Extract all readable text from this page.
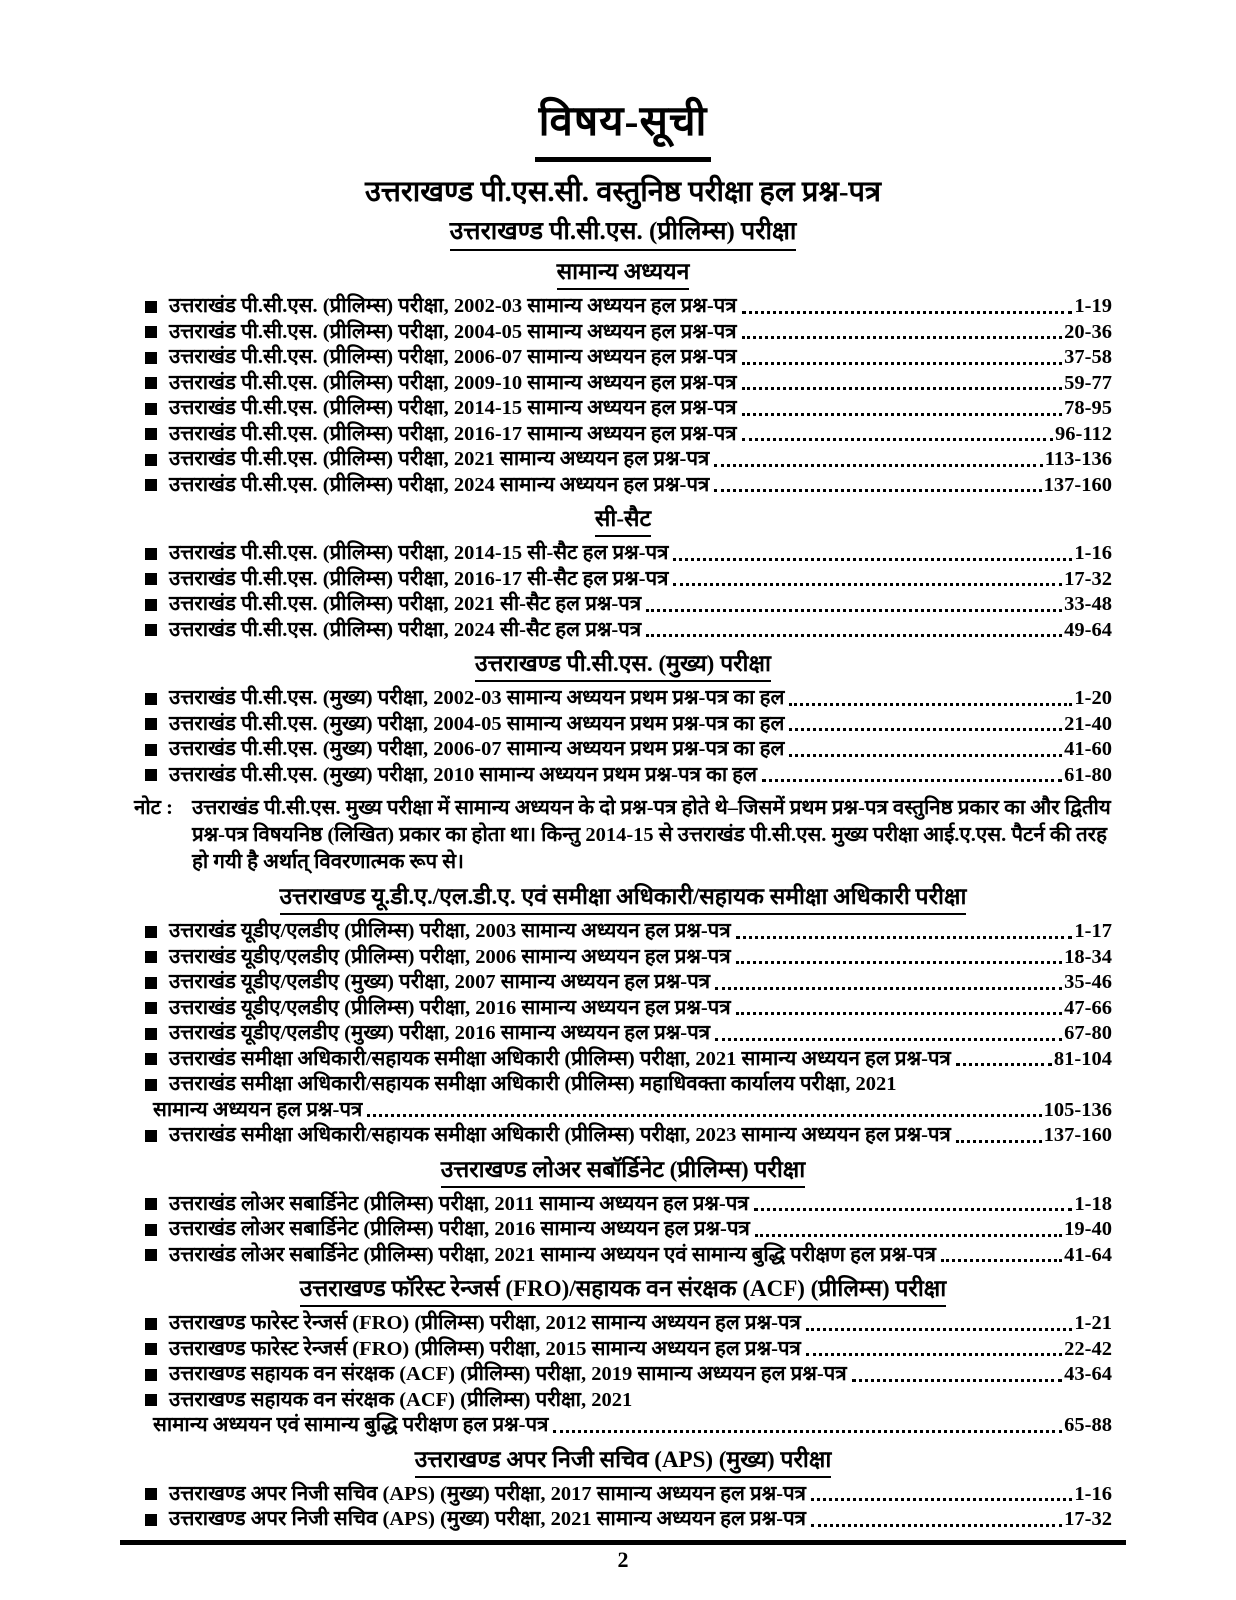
विषय-सूची
उत्तराखण्ड पी.एस.सी. वस्तुनिष्ठ परीक्षा हल प्रश्न-पत्र
उत्तराखण्ड पी.सी.एस. (प्रीलिम्स) परीक्षा
सामान्य अध्ययन
उत्तराखंड पी.सी.एस. (प्रीलिम्स) परीक्षा, 2002-03 सामान्य अध्ययन हल प्रश्न-पत्र	1-19
उत्तराखंड पी.सी.एस. (प्रीलिम्स) परीक्षा, 2004-05 सामान्य अध्ययन हल प्रश्न-पत्र	20-36
उत्तराखंड पी.सी.एस. (प्रीलिम्स) परीक्षा, 2006-07 सामान्य अध्ययन हल प्रश्न-पत्र	37-58
उत्तराखंड पी.सी.एस. (प्रीलिम्स) परीक्षा, 2009-10 सामान्य अध्ययन हल प्रश्न-पत्र	59-77
उत्तराखंड पी.सी.एस. (प्रीलिम्स) परीक्षा, 2014-15 सामान्य अध्ययन हल प्रश्न-पत्र	78-95
उत्तराखंड पी.सी.एस. (प्रीलिम्स) परीक्षा, 2016-17 सामान्य अध्ययन हल प्रश्न-पत्र	96-112
उत्तराखंड पी.सी.एस. (प्रीलिम्स) परीक्षा, 2021 सामान्य अध्ययन हल प्रश्न-पत्र	113-136
उत्तराखंड पी.सी.एस. (प्रीलिम्स) परीक्षा, 2024 सामान्य अध्ययन हल प्रश्न-पत्र	137-160
सी-सैट
उत्तराखंड पी.सी.एस. (प्रीलिम्स) परीक्षा, 2014-15 सी-सैट हल प्रश्न-पत्र	1-16
उत्तराखंड पी.सी.एस. (प्रीलिम्स) परीक्षा, 2016-17 सी-सैट हल प्रश्न-पत्र	17-32
उत्तराखंड पी.सी.एस. (प्रीलिम्स) परीक्षा, 2021 सी-सैट हल प्रश्न-पत्र	33-48
उत्तराखंड पी.सी.एस. (प्रीलिम्स) परीक्षा, 2024 सी-सैट हल प्रश्न-पत्र	49-64
उत्तराखण्ड पी.सी.एस. (मुख्य) परीक्षा
उत्तराखंड पी.सी.एस. (मुख्य) परीक्षा, 2002-03 सामान्य अध्ययन प्रथम प्रश्न-पत्र का हल	1-20
उत्तराखंड पी.सी.एस. (मुख्य) परीक्षा, 2004-05 सामान्य अध्ययन प्रथम प्रश्न-पत्र का हल	21-40
उत्तराखंड पी.सी.एस. (मुख्य) परीक्षा, 2006-07 सामान्य अध्ययन प्रथम प्रश्न-पत्र का हल	41-60
उत्तराखंड पी.सी.एस. (मुख्य) परीक्षा, 2010 सामान्य अध्ययन प्रथम प्रश्न-पत्र का हल	61-80
नोट : उत्तराखंड पी.सी.एस. मुख्य परीक्षा में सामान्य अध्ययन के दो प्रश्न-पत्र होते थे–जिसमें प्रथम प्रश्न-पत्र वस्तुनिष्ठ प्रकार का और द्वितीय प्रश्न-पत्र विषयनिष्ठ (लिखित) प्रकार का होता था। किन्तु 2014-15 से उत्तराखंड पी.सी.एस. मुख्य परीक्षा आई.ए.एस. पैटर्न की तरह हो गयी है अर्थात् विवरणात्मक रूप से।
उत्तराखण्ड यू.डी.ए./एल.डी.ए. एवं समीक्षा अधिकारी/सहायक समीक्षा अधिकारी परीक्षा
उत्तराखंड यूडीए/एलडीए (प्रीलिम्स) परीक्षा, 2003 सामान्य अध्ययन हल प्रश्न-पत्र	1-17
उत्तराखंड यूडीए/एलडीए (प्रीलिम्स) परीक्षा, 2006 सामान्य अध्ययन हल प्रश्न-पत्र	18-34
उत्तराखंड यूडीए/एलडीए (मुख्य) परीक्षा, 2007 सामान्य अध्ययन हल प्रश्न-पत्र	35-46
उत्तराखंड यूडीए/एलडीए (प्रीलिम्स) परीक्षा, 2016 सामान्य अध्ययन हल प्रश्न-पत्र	47-66
उत्तराखंड यूडीए/एलडीए (मुख्य) परीक्षा, 2016 सामान्य अध्ययन हल प्रश्न-पत्र	67-80
उत्तराखंड समीक्षा अधिकारी/सहायक समीक्षा अधिकारी (प्रीलिम्स) परीक्षा, 2021 सामान्य अध्ययन हल प्रश्न-पत्र	81-104
उत्तराखंड समीक्षा अधिकारी/सहायक समीक्षा अधिकारी (प्रीलिम्स) महाधिवक्ता कार्यालय परीक्षा, 2021
सामान्य अध्ययन हल प्रश्न-पत्र	105-136
उत्तराखंड समीक्षा अधिकारी/सहायक समीक्षा अधिकारी (प्रीलिम्स) परीक्षा, 2023 सामान्य अध्ययन हल प्रश्न-पत्र	137-160
उत्तराखण्ड लोअर सबॉर्डिनेट (प्रीलिम्स) परीक्षा
उत्तराखंड लोअर सबार्डिनेट (प्रीलिम्स) परीक्षा, 2011 सामान्य अध्ययन हल प्रश्न-पत्र	1-18
उत्तराखंड लोअर सबार्डिनेट (प्रीलिम्स) परीक्षा, 2016 सामान्य अध्ययन हल प्रश्न-पत्र	19-40
उत्तराखंड लोअर सबार्डिनेट (प्रीलिम्स) परीक्षा, 2021 सामान्य अध्ययन एवं सामान्य बुद्धि परीक्षण हल प्रश्न-पत्र	41-64
उत्तराखण्ड फॉरेस्ट रेन्जर्स (FRO)/सहायक वन संरक्षक (ACF) (प्रीलिम्स) परीक्षा
उत्तराखण्ड फारेस्ट रेन्जर्स (FRO) (प्रीलिम्स) परीक्षा, 2012 सामान्य अध्ययन हल प्रश्न-पत्र	1-21
उत्तराखण्ड फारेस्ट रेन्जर्स (FRO) (प्रीलिम्स) परीक्षा, 2015 सामान्य अध्ययन हल प्रश्न-पत्र	22-42
उत्तराखण्ड सहायक वन संरक्षक (ACF) (प्रीलिम्स) परीक्षा, 2019 सामान्य अध्ययन हल प्रश्न-पत्र	43-64
उत्तराखण्ड सहायक वन संरक्षक (ACF) (प्रीलिम्स) परीक्षा, 2021
सामान्य अध्ययन एवं सामान्य बुद्धि परीक्षण हल प्रश्न-पत्र	65-88
उत्तराखण्ड अपर निजी सचिव (APS) (मुख्य) परीक्षा
उत्तराखण्ड अपर निजी सचिव (APS) (मुख्य) परीक्षा, 2017 सामान्य अध्ययन हल प्रश्न-पत्र	1-16
उत्तराखण्ड अपर निजी सचिव (APS) (मुख्य) परीक्षा, 2021 सामान्य अध्ययन हल प्रश्न-पत्र	17-32
2
